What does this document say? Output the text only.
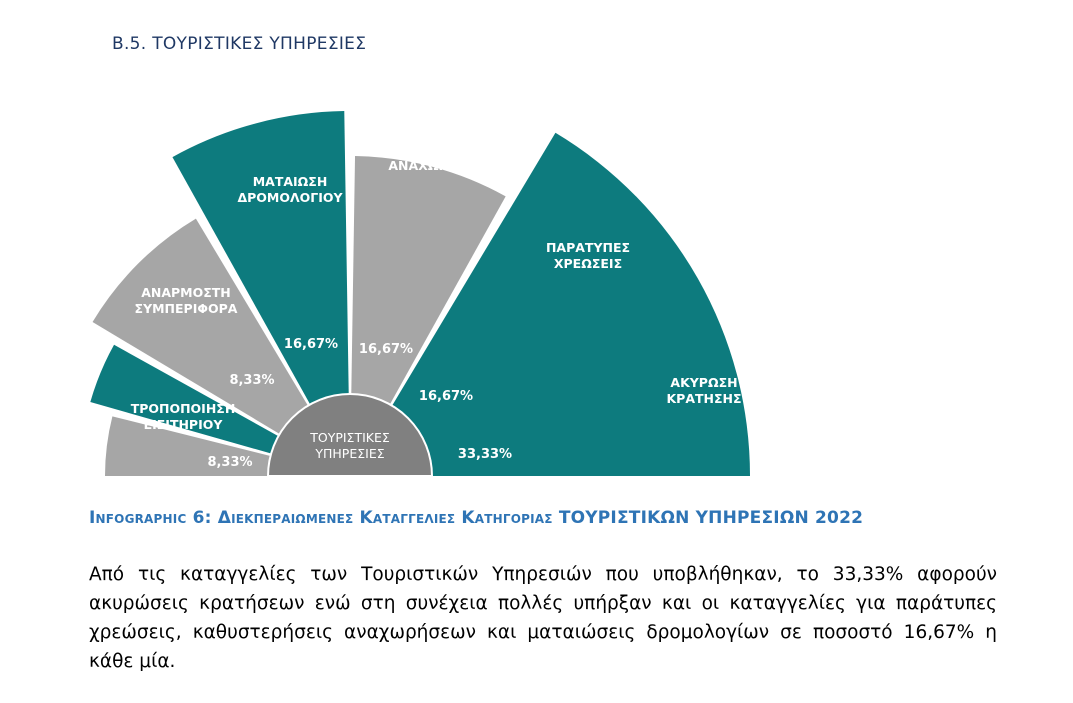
B.5. ΤΟΥΡΙΣΤΙΚΕΣ ΥΠΗΡΕΣΙΕΣ
ΤΡΟΠΟΠΟΙΗΣΗ ΕΙΣΙΤΗΡΙΟΥ
8,33%
ΑΝΑΡΜΟΣΤΗ ΣΥΜΠΕΡΙΦΟΡΑ
8,33%
ΜΑΤΑΙΩΣΗ ΔΡΟΜΟΛΟΓΙΟΥ
16,67%
ΚΑΘΥΣΤΕΡΗΣΗ ΑΝΑΧΩΡΗΣΗΣ
16,67%
ΠΑΡΑΤΥΠΕΣ ΧΡΕΩΣΕΙΣ
16,67%
ΑΚΥΡΩΣΗ ΚΡΑΤΗΣΗΣ
33,33%
ΤΟΥΡΙΣΤΙΚΕΣ ΥΠΗΡΕΣΙΕΣ

Infographic 6: Διεκπεραιωμενες Καταγγελιες Κατηγοριας ΤΟΥΡΙΣΤΙΚΩΝ ΥΠΗΡΕΣΙΩΝ 2022

Από τις καταγγελίες των Τουριστικών Υπηρεσιών που υποβλήθηκαν, το 33,33% αφορούν ακυρώσεις κρατήσεων ενώ στη συνέχεια πολλές υπήρξαν και οι καταγγελίες για παράτυπες χρεώσεις, καθυστερήσεις αναχωρήσεων και ματαιώσεις δρομολογίων σε ποσοστό 16,67% η κάθε μία.
